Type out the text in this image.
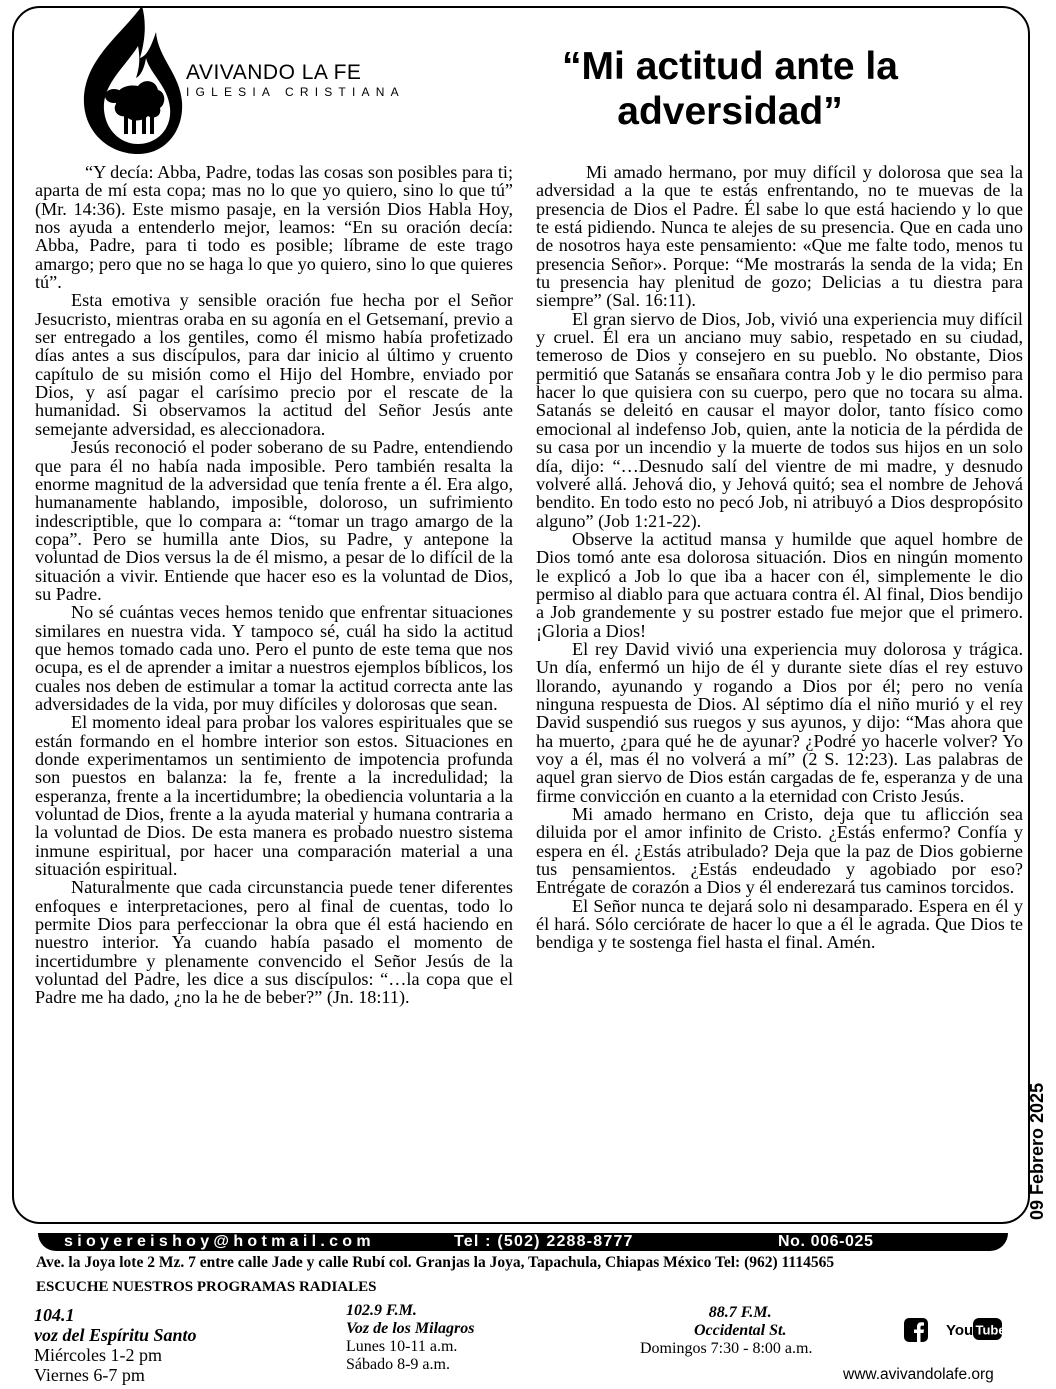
AVIVANDO LA FE
IGLESIA CRISTIANA
“Mi actitud ante la
adversidad”

“Y decía: Abba, Padre, todas las cosas son posibles para ti; aparta de mí esta copa; mas no lo que yo quiero, sino lo que tú” (Mr. 14:36). Este mismo pasaje, en la versión Dios Habla Hoy, nos ayuda a entenderlo mejor, leamos: “En su oración decía: Abba, Padre, para ti todo es posible; líbrame de este trago amargo; pero que no se haga lo que yo quiero, sino lo que quieres tú”.

Esta emotiva y sensible oración fue hecha por el Señor Jesucristo, mientras oraba en su agonía en el Getsemaní, previo a ser entregado a los gentiles, como él mismo había profetizado días antes a sus discípulos, para dar inicio al último y cruento capítulo de su misión como el Hijo del Hombre, enviado por Dios, y así pagar el carísimo precio por el rescate de la humanidad. Si observamos la actitud del Señor Jesús ante semejante adversidad, es aleccionadora.

Jesús reconoció el poder soberano de su Padre, entendiendo que para él no había nada imposible. Pero también resalta la enorme magnitud de la adversidad que tenía frente a él. Era algo, humanamente hablando, imposible, doloroso, un sufrimiento indescriptible, que lo compara a: “tomar un trago amargo de la copa”. Pero se humilla ante Dios, su Padre, y antepone la voluntad de Dios versus la de él mismo, a pesar de lo difícil de la situación a vivir. Entiende que hacer eso es la voluntad de Dios, su Padre.

No sé cuántas veces hemos tenido que enfrentar situaciones similares en nuestra vida. Y tampoco sé, cuál ha sido la actitud que hemos tomado cada uno. Pero el punto de este tema que nos ocupa, es el de aprender a imitar a nuestros ejemplos bíblicos, los cuales nos deben de estimular a tomar la actitud correcta ante las adversidades de la vida, por muy difíciles y dolorosas que sean.

El momento ideal para probar los valores espirituales que se están formando en el hombre interior son estos. Situaciones en donde experimentamos un sentimiento de impotencia profunda son puestos en balanza: la fe, frente a la incredulidad; la esperanza, frente a la incertidumbre; la obediencia voluntaria a la voluntad de Dios, frente a la ayuda material y humana contraria a la voluntad de Dios. De esta manera es probado nuestro sistema inmune espiritual, por hacer una comparación material a una situación espiritual.

Naturalmente que cada circunstancia puede tener diferentes enfoques e interpretaciones, pero al final de cuentas, todo lo permite Dios para perfeccionar la obra que él está haciendo en nuestro interior. Ya cuando había pasado el momento de incertidumbre y plenamente convencido el Señor Jesús de la voluntad del Padre, les dice a sus discípulos: “…la copa que el Padre me ha dado, ¿no la he de beber?” (Jn. 18:11).

Mi amado hermano, por muy difícil y dolorosa que sea la adversidad a la que te estás enfrentando, no te muevas de la presencia de Dios el Padre. Él sabe lo que está haciendo y lo que te está pidiendo. Nunca te alejes de su presencia. Que en cada uno de nosotros haya este pensamiento: «Que me falte todo, menos tu presencia Señor». Porque: “Me mostrarás la senda de la vida; En tu presencia hay plenitud de gozo; Delicias a tu diestra para siempre” (Sal. 16:11).

El gran siervo de Dios, Job, vivió una experiencia muy difícil y cruel. Él era un anciano muy sabio, respetado en su ciudad, temeroso de Dios y consejero en su pueblo. No obstante, Dios permitió que Satanás se ensañara contra Job y le dio permiso para hacer lo que quisiera con su cuerpo, pero que no tocara su alma. Satanás se deleitó en causar el mayor dolor, tanto físico como emocional al indefenso Job, quien, ante la noticia de la pérdida de su casa por un incendio y la muerte de todos sus hijos en un solo día, dijo: “…Desnudo salí del vientre de mi madre, y desnudo volveré allá. Jehová dio, y Jehová quitó; sea el nombre de Jehová bendito. En todo esto no pecó Job, ni atribuyó a Dios despropósito alguno” (Job 1:21-22).

Observe la actitud mansa y humilde que aquel hombre de Dios tomó ante esa dolorosa situación. Dios en ningún momento le explicó a Job lo que iba a hacer con él, simplemente le dio permiso al diablo para que actuara contra él. Al final, Dios bendijo a Job grandemente y su postrer estado fue mejor que el primero. ¡Gloria a Dios!

El rey David vivió una experiencia muy dolorosa y trágica. Un día, enfermó un hijo de él y durante siete días el rey estuvo llorando, ayunando y rogando a Dios por él; pero no venía ninguna respuesta de Dios. Al séptimo día el niño murió y el rey David suspendió sus ruegos y sus ayunos, y dijo: “Mas ahora que ha muerto, ¿para qué he de ayunar? ¿Podré yo hacerle volver? Yo voy a él, mas él no volverá a mí” (2 S. 12:23). Las palabras de aquel gran siervo de Dios están cargadas de fe, esperanza y de una firme convicción en cuanto a la eternidad con Cristo Jesús.

Mi amado hermano en Cristo, deja que tu aflicción sea diluida por el amor infinito de Cristo. ¿Estás enfermo? Confía y espera en él. ¿Estás atribulado? Deja que la paz de Dios gobierne tus pensamientos. ¿Estás endeudado y agobiado por eso? Entrégate de corazón a Dios y él enderezará tus caminos torcidos.

El Señor nunca te dejará solo ni desamparado. Espera en él y él hará. Sólo cerciórate de hacer lo que a él le agrada. Que Dios te bendiga y te sostenga fiel hasta el final. Amén.

09 Febrero 2025
sioyereishoy@hotmail.com	Tel : (502) 2288-8777	No. 006-025
Ave. la Joya lote 2 Mz. 7 entre calle Jade y calle Rubí col. Granjas la Joya, Tapachula, Chiapas México Tel: (962) 1114565
ESCUCHE NUESTROS PROGRAMAS RADIALES
104.1
voz del Espíritu Santo
Miércoles 1-2 pm
Viernes 6-7 pm
102.9 F.M.
Voz de los Milagros
Lunes 10-11 a.m.
Sábado 8-9 a.m.
88.7 F.M.
Occidental St.
Domingos 7:30 - 8:00 a.m.
You Tube
www.avivandolafe.org
